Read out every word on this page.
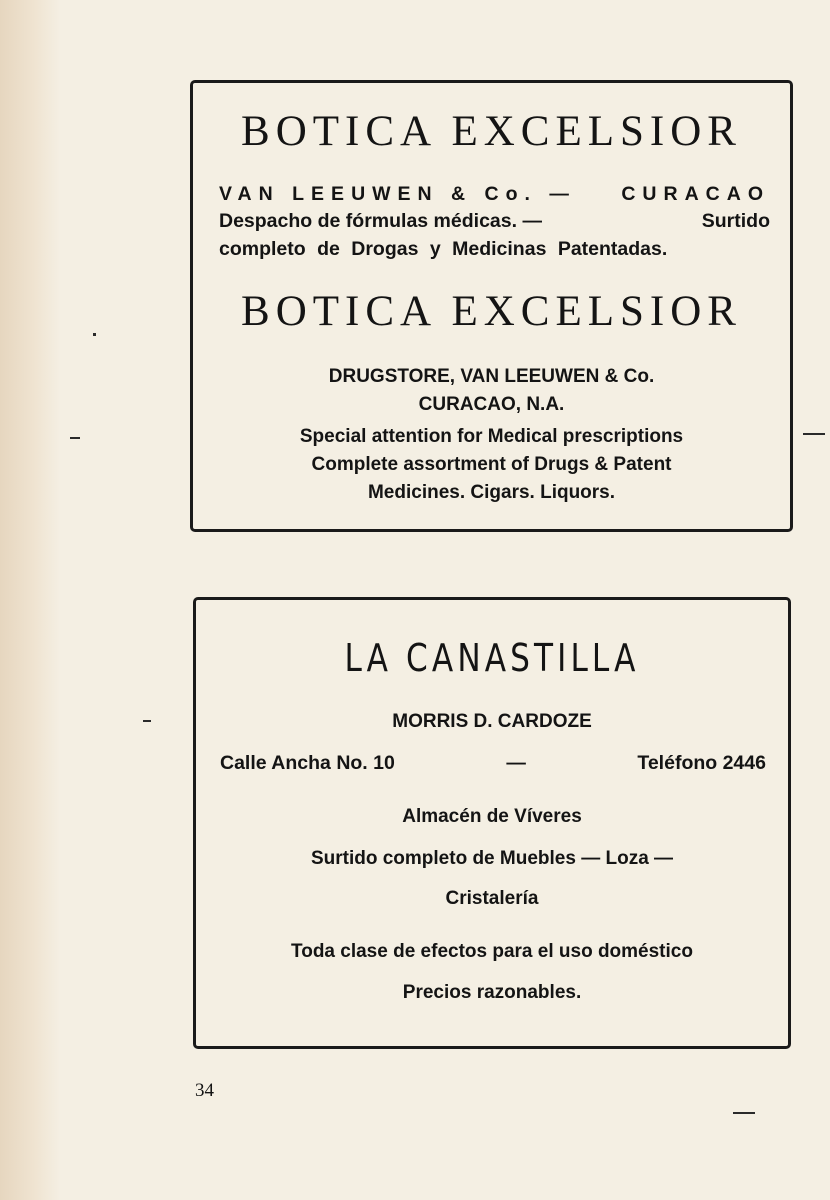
BOTICA EXCELSIOR
VAN LEEUWEN & Co. — CURACAO
Despacho de fórmulas médicas. —	Surtido
completo de Drogas y Medicinas Patentadas.
BOTICA EXCELSIOR

DRUGSTORE, VAN LEEUWEN & Co.

CURACAO, N.A.

Special attention for Medical prescriptions

Complete assortment of Drugs & Patent

Medicines. Cigars. Liquors.

LA CANASTILLA

MORRIS D. CARDOZE

Calle Ancha No. 10	—	Teléfono 2446

Almacén de Víveres

Surtido completo de Muebles — Loza —

Cristalería

Toda clase de efectos para el uso doméstico

Precios razonables.

34
